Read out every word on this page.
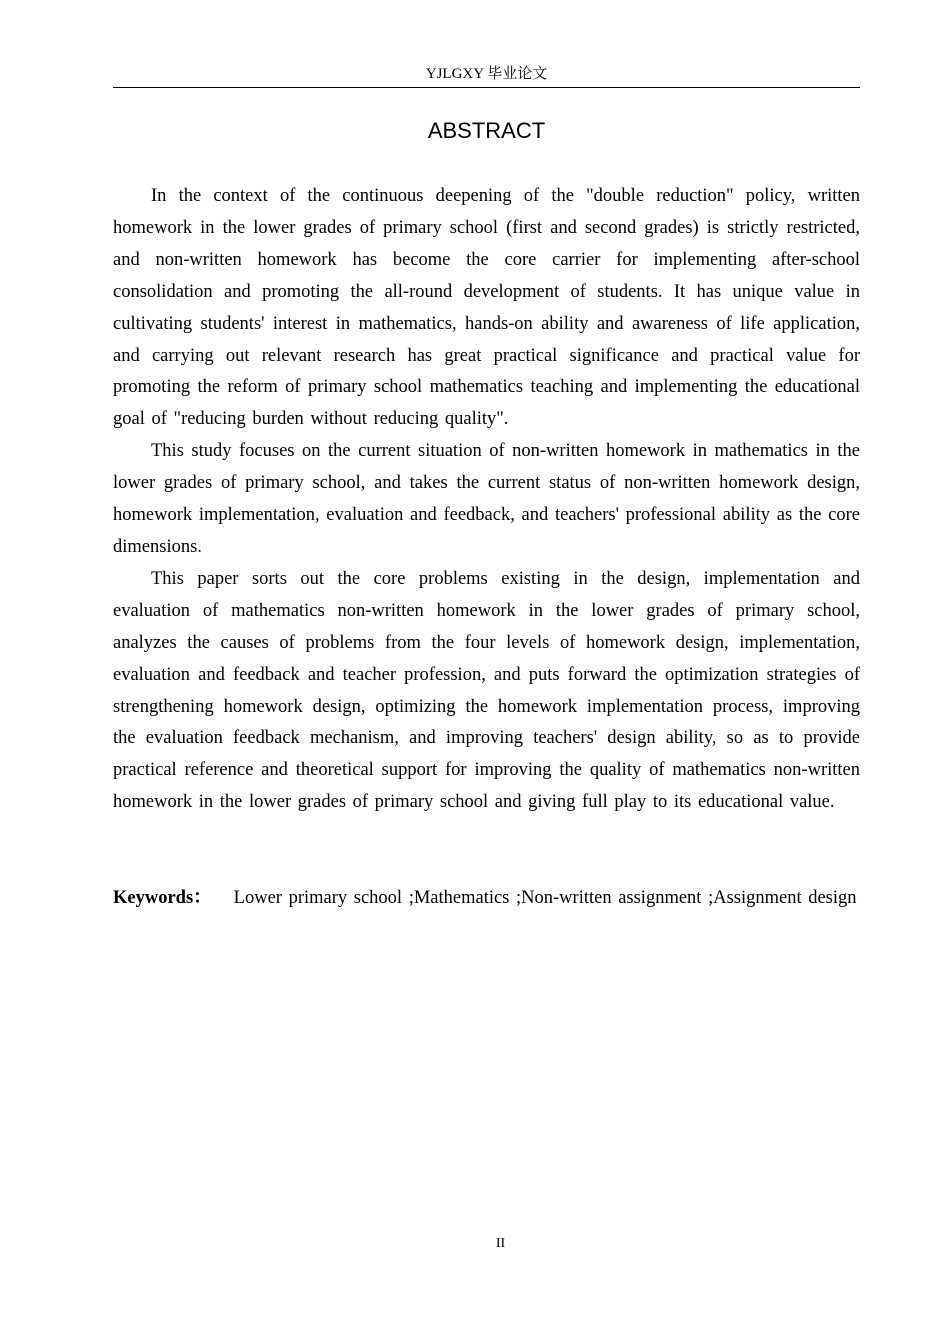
YJLGXY 毕业论文
ABSTRACT

In the context of the continuous deepening of the "double reduction" policy, written homework in the lower grades of primary school (first and second grades) is strictly restricted, and non-written homework has become the core carrier for implementing after-school consolidation and promoting the all-round development of students. It has unique value in cultivating students' interest in mathematics, hands-on ability and awareness of life application, and carrying out relevant research has great practical significance and practical value for promoting the reform of primary school mathematics teaching and implementing the educational goal of "reducing burden without reducing quality".

This study focuses on the current situation of non-written homework in mathematics in the lower grades of primary school, and takes the current status of non-written homework design, homework implementation, evaluation and feedback, and teachers' professional ability as the core dimensions.

This paper sorts out the core problems existing in the design, implementation and evaluation of mathematics non-written homework in the lower grades of primary school, analyzes the causes of problems from the four levels of homework design, implementation, evaluation and feedback and teacher profession, and puts forward the optimization strategies of strengthening homework design, optimizing the homework implementation process, improving the evaluation feedback mechanism, and improving teachers' design ability, so as to provide practical reference and theoretical support for improving the quality of mathematics non-written homework in the lower grades of primary school and giving full play to its educational value.

Keywords： Lower primary school ;Mathematics ;Non-written assignment ;Assignment design
II
